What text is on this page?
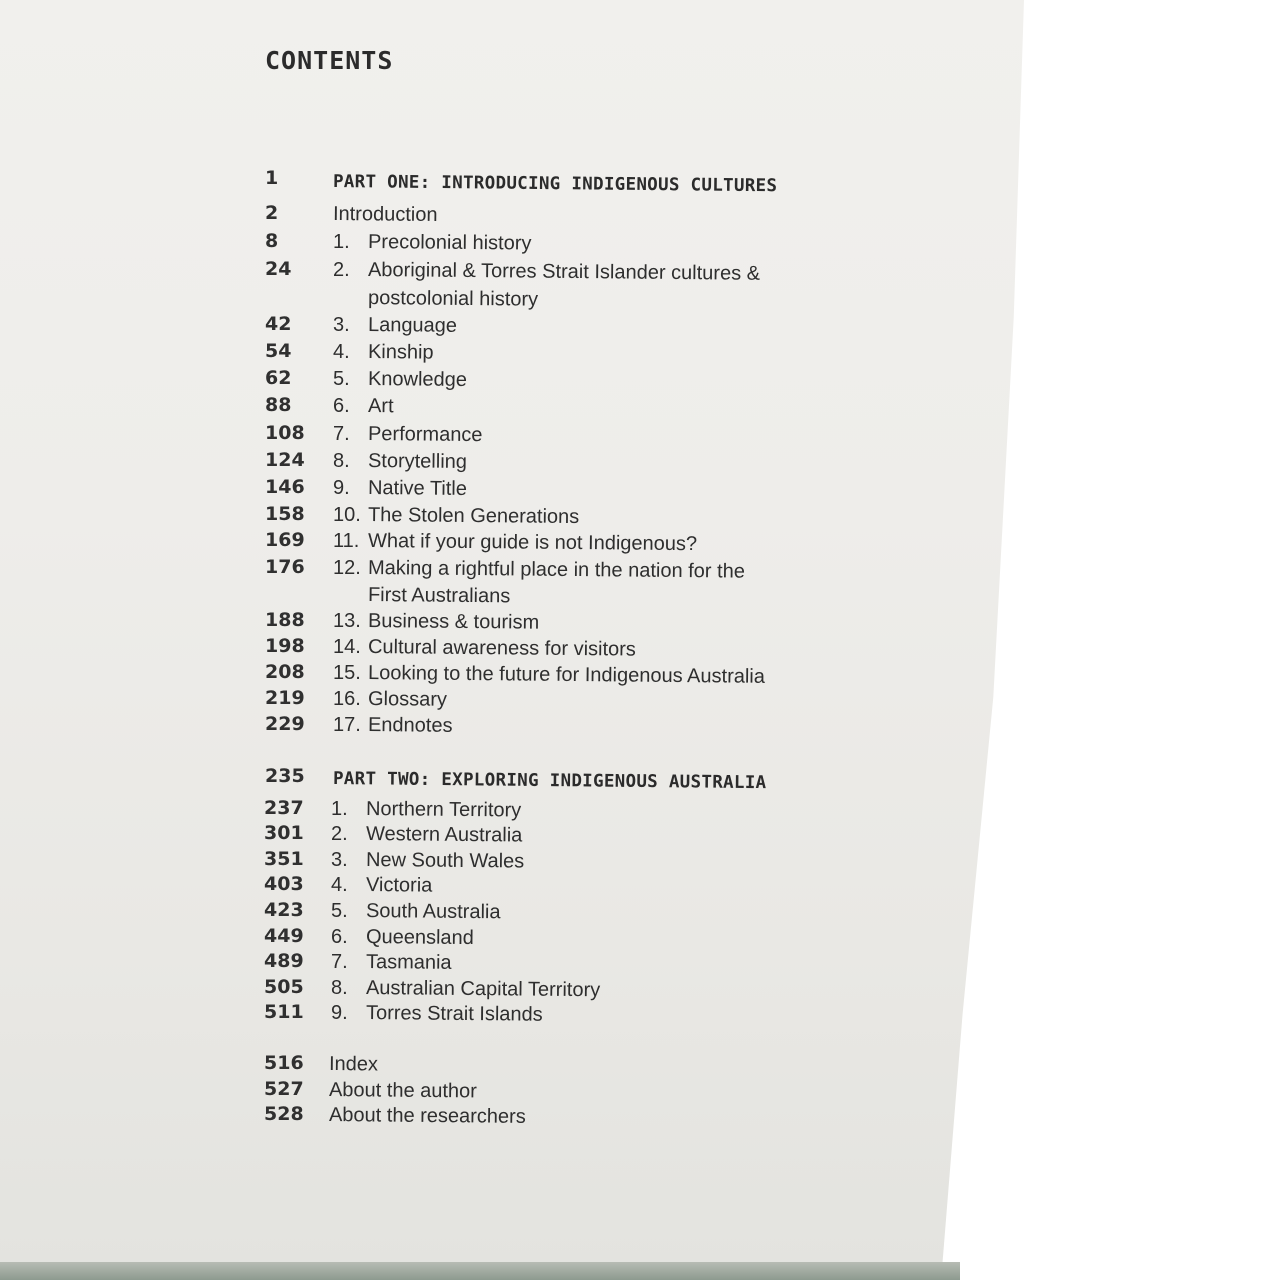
CONTENTS
1	PART ONE: INTRODUCING INDIGENOUS CULTURES
2	Introduction
8	1. Precolonial history
24 2. Aboriginal & Torres Strait Islander cultures &
postcolonial history
42 3. Language
54 4. Kinship
62 5. Knowledge
88 6. Art
108 7. Performance
124 8. Storytelling
146 9. Native Title
158 10. The Stolen Generations
169 11. What if your guide is not Indigenous?
176 12. Making a rightful place in the nation for the
First Australians
188 13. Business & tourism
198 14. Cultural awareness for visitors
208 15. Looking to the future for Indigenous Australia
219 16. Glossary
229 17. Endnotes
235 PART TWO: EXPLORING INDIGENOUS AUSTRALIA
237 1. Northern Territory
301 2. Western Australia
351 3. New South Wales
403 4. Victoria
423 5. South Australia
449 6. Queensland
489 7. Tasmania
505 8. Australian Capital Territory
511 9. Torres Strait Islands
516 Index
527 About the author
528 About the researchers
